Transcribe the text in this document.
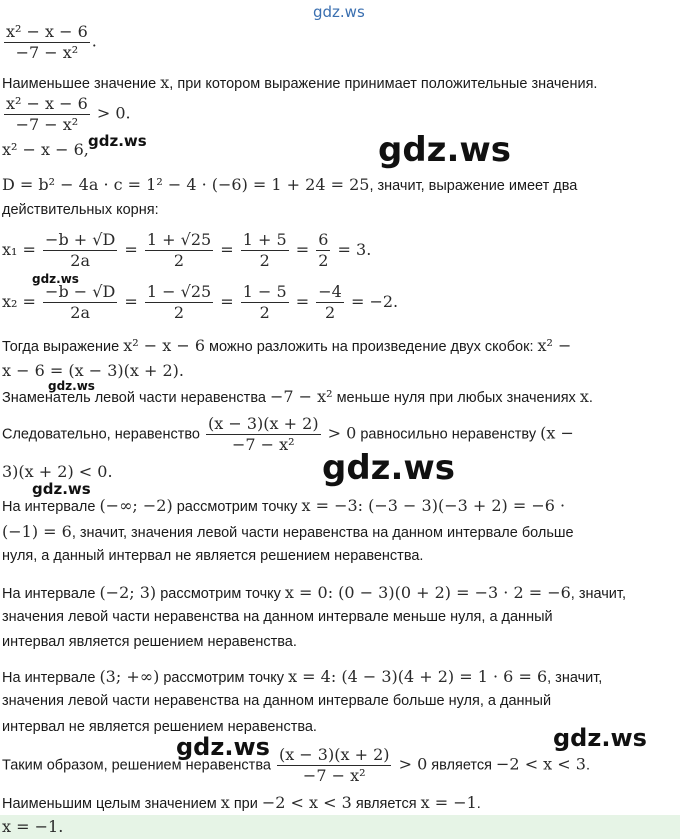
gdz.ws
$\frac{\text{x² − x − 6}}{\text{−7 − x²}}$ .
Наименьшее значение x, при котором выражение принимает положительные значения.
$\frac{\text{x² − x − 6}}{\text{−7 − x²}} > 0$.
x² − x − 6, gdz.ws	gdz.ws
D = b² − 4a · c = 1² − 4 · (−6) = 1 + 24 = 25, значит, выражение имеет два
действительных корня:
$x_1 = \frac{-b + √D}{2a} = \frac{1 + √25}{2} = \frac{1 + 5}{2} = \frac{6}{2} = 3$.
gdz.ws
$x_2 = \frac{-b - √D}{2a} = \frac{1 - √25}{2} = \frac{1 - 5}{2} = \frac{-4}{2} = -2$.
Тогда выражение x² − x − 6 можно разложить на произведение двух скобок: x² −
x − 6 = (x − 3)(x + 2).
gdz.ws
Знаменатель левой части неравенства −7 − x² меньше нуля при любых значениях x.
Следовательно, неравенство $\frac{(x - 3)(x + 2)}{\text{−7 − x²}} > 0$ равносильно неравенству (x −
3)(x + 2) < 0.	gdz.ws
gdz.ws
На интервале (−∞; −2) рассмотрим точку x = −3: (−3 − 3)(−3 + 2) = −6 ·
(−1) = 6, значит, значения левой части неравенства на данном интервале больше
нуля, а данный интервал не является решением неравенства.
На интервале (−2; 3) рассмотрим точку x = 0: (0 − 3)(0 + 2) = −3 · 2 = −6, значит,
значения левой части неравенства на данном интервале меньше нуля, а данный
интервал является решением неравенства.
На интервале (3; +∞) рассмотрим точку x = 4: (4 − 3)(4 + 2) = 1 · 6 = 6, значит,
значения левой части неравенства на данном интервале больше нуля, а данный
интервал не является решением неравенства.
gdz.ws	gdz.ws
Таким образом, решением неравенства $\frac{(x - 3)(x + 2)}{\text{−7 − x²}} > 0$ является −2 < x < 3.
Наименьшим целым значением x при −2 < x < 3 является x = −1.
x = −1.
